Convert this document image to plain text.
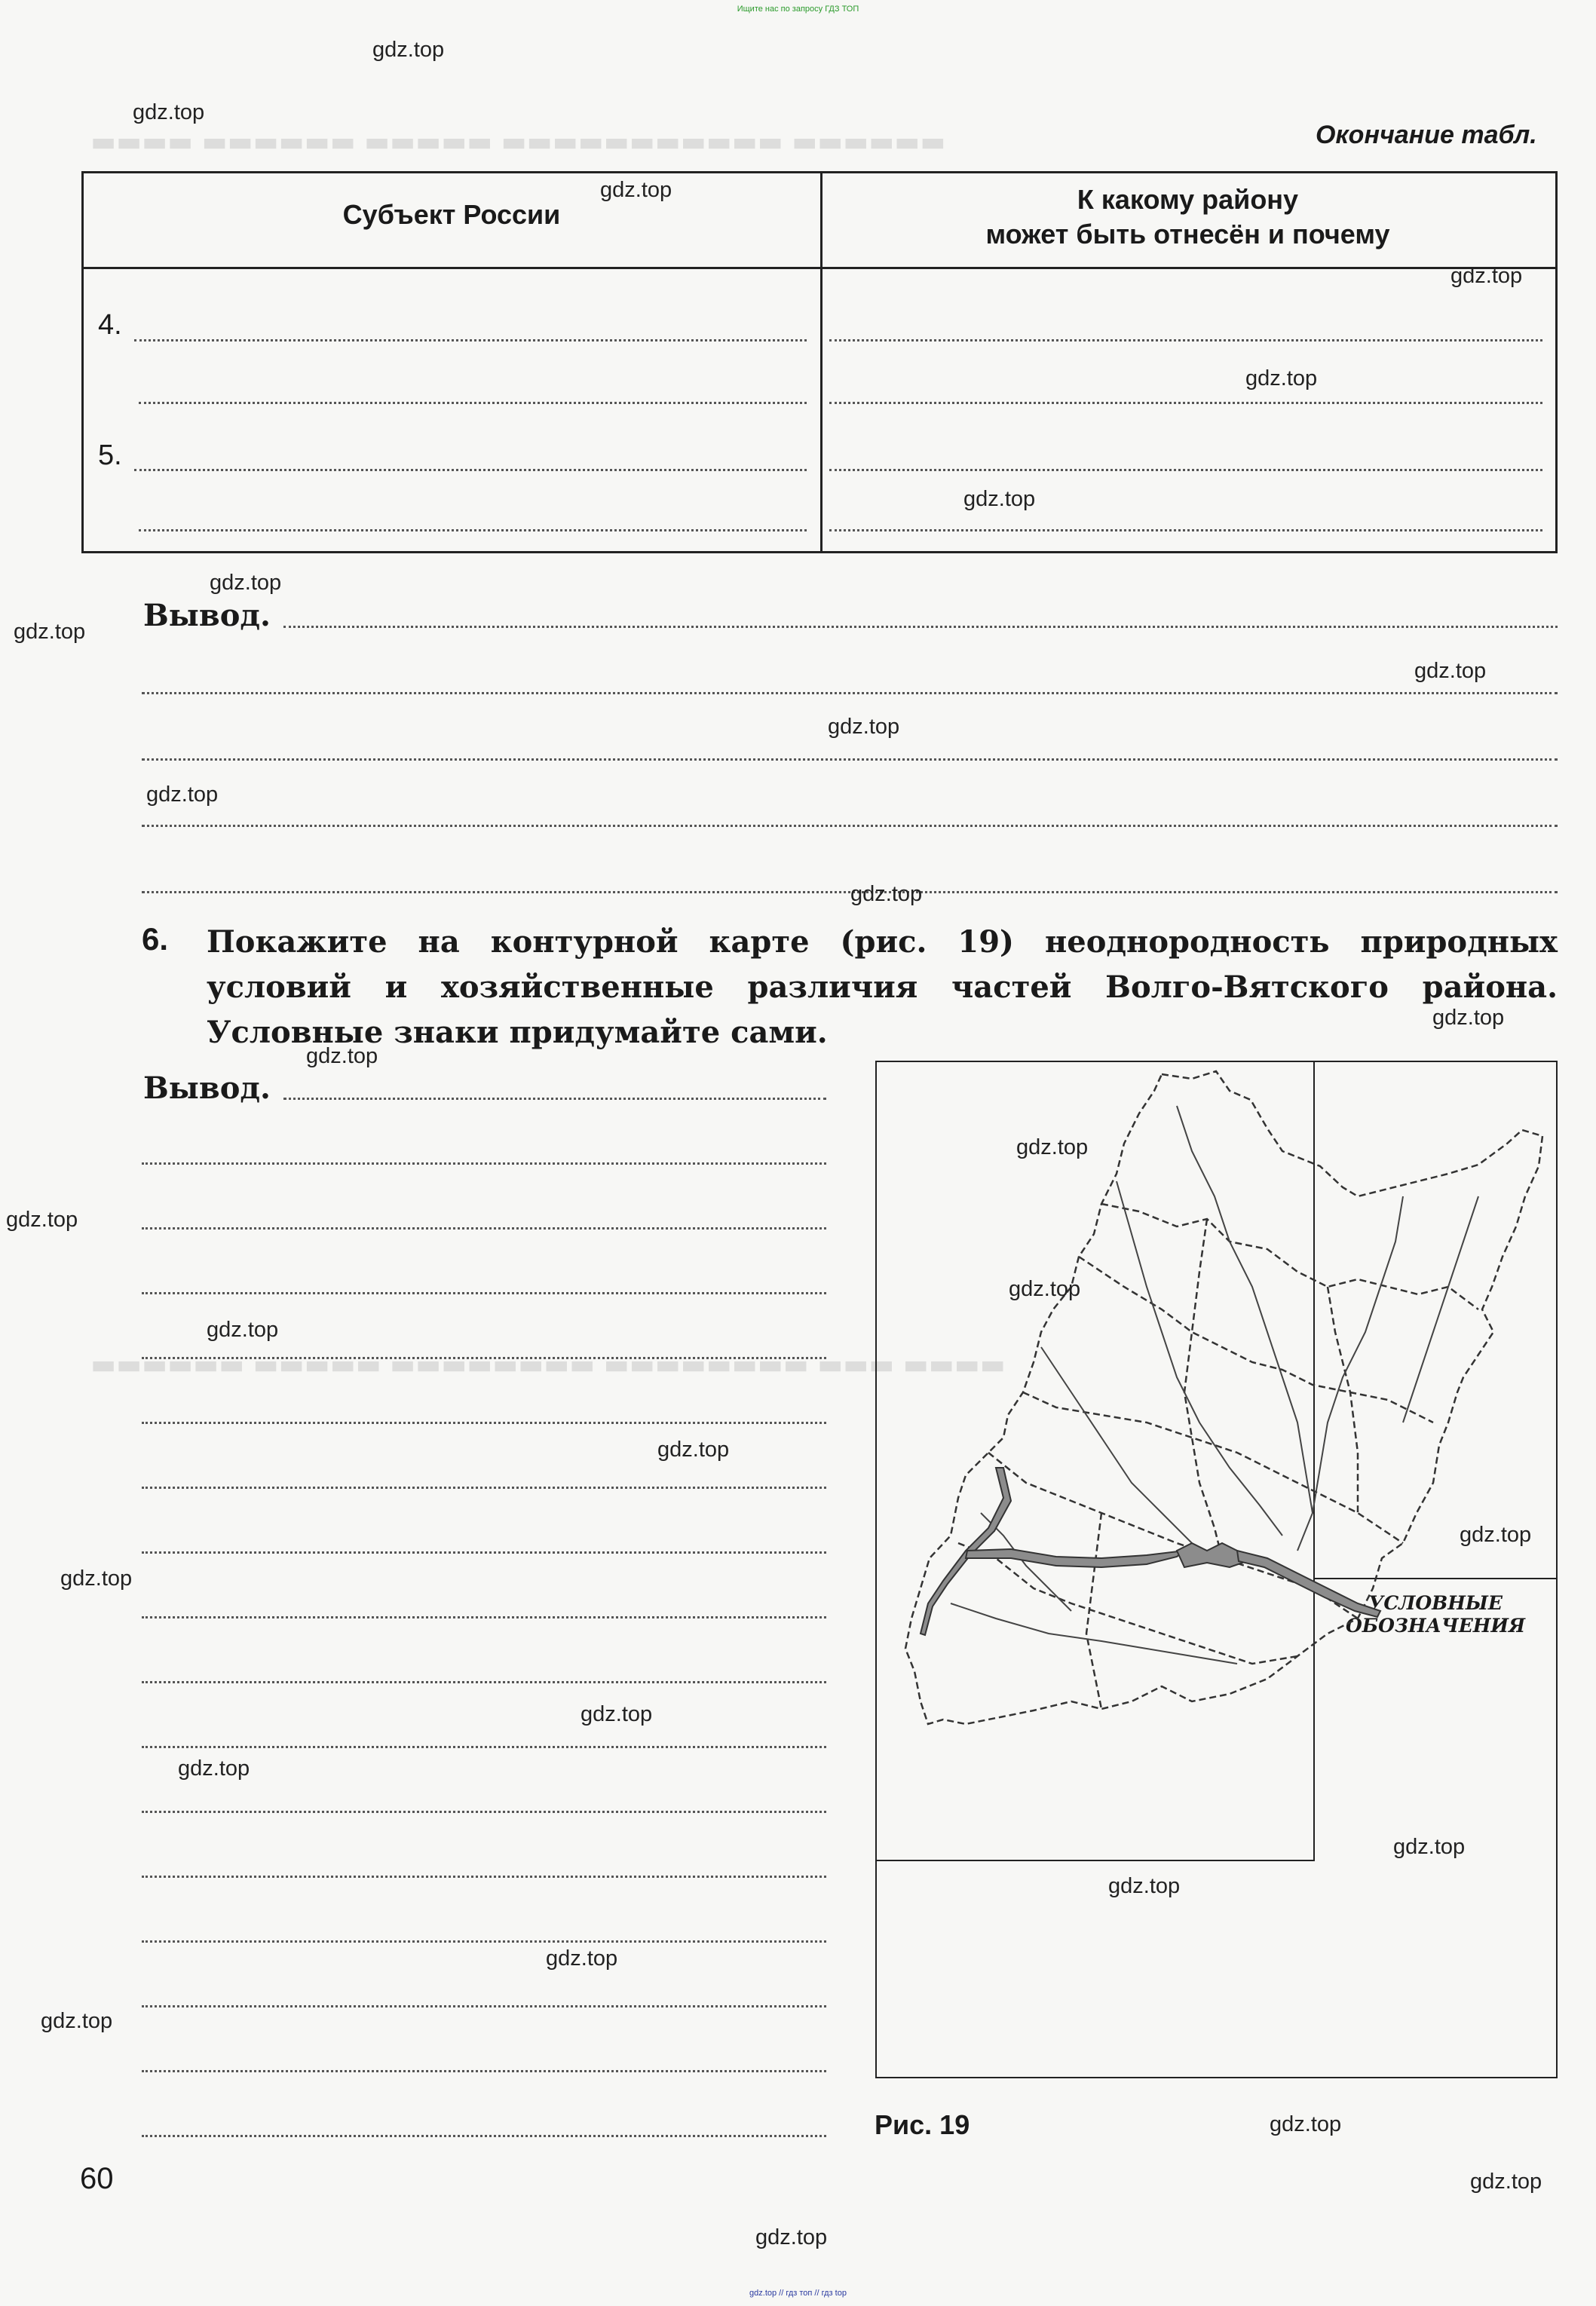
Ищите нас по запросу ГДЗ ТОП
▬▬▬▬ ▬▬▬▬▬▬ ▬▬▬▬▬ ▬▬▬▬▬▬▬▬▬▬▬ ▬▬▬▬▬▬
▬▬▬▬▬▬ ▬▬▬▬▬ ▬▬▬▬▬▬▬▬ ▬▬▬▬▬▬▬▬ ▬▬▬ ▬▬▬▬
Окончание табл.
Субъект России	К какому району
может быть отнесён и почему
4.
5.
Вывод.
6. Покажите на контурной карте (рис. 19) неоднородность природных условий и хозяйственные различия частей Волго-Вятского района. Условные знаки придумайте сами.
Вывод.
УСЛОВНЫЕ
ОБОЗНАЧЕНИЯ
Рис. 19
60
gdz.top
gdz.top
gdz.top
gdz.top
gdz.top
gdz.top
gdz.top
gdz.top
gdz.top
gdz.top
gdz.top
gdz.top
gdz.top
gdz.top
gdz.top
gdz.top
gdz.top
gdz.top
gdz.top
gdz.top
gdz.top
gdz.top
gdz.top
gdz.top
gdz.top
gdz.top
gdz.top
gdz.top
gdz.top
gdz.top
gdz.top // гдз топ // гдз top
